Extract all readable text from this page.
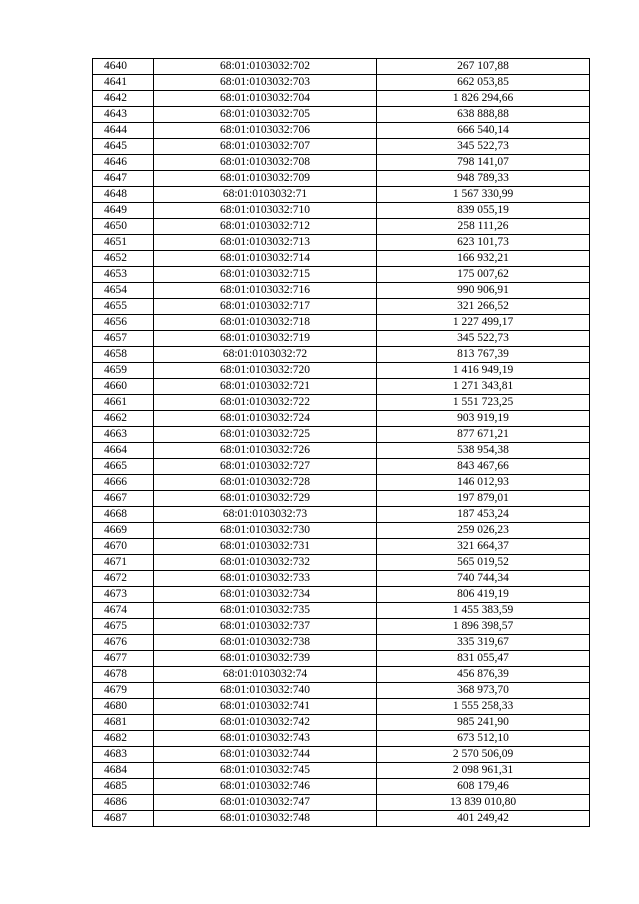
4640	68:01:0103032:702	267 107,88
4641	68:01:0103032:703	662 053,85
4642	68:01:0103032:704	1 826 294,66
4643	68:01:0103032:705	638 888,88
4644	68:01:0103032:706	666 540,14
4645	68:01:0103032:707	345 522,73
4646	68:01:0103032:708	798 141,07
4647	68:01:0103032:709	948 789,33
4648	68:01:0103032:71	1 567 330,99
4649	68:01:0103032:710	839 055,19
4650	68:01:0103032:712	258 111,26
4651	68:01:0103032:713	623 101,73
4652	68:01:0103032:714	166 932,21
4653	68:01:0103032:715	175 007,62
4654	68:01:0103032:716	990 906,91
4655	68:01:0103032:717	321 266,52
4656	68:01:0103032:718	1 227 499,17
4657	68:01:0103032:719	345 522,73
4658	68:01:0103032:72	813 767,39
4659	68:01:0103032:720	1 416 949,19
4660	68:01:0103032:721	1 271 343,81
4661	68:01:0103032:722	1 551 723,25
4662	68:01:0103032:724	903 919,19
4663	68:01:0103032:725	877 671,21
4664	68:01:0103032:726	538 954,38
4665	68:01:0103032:727	843 467,66
4666	68:01:0103032:728	146 012,93
4667	68:01:0103032:729	197 879,01
4668	68:01:0103032:73	187 453,24
4669	68:01:0103032:730	259 026,23
4670	68:01:0103032:731	321 664,37
4671	68:01:0103032:732	565 019,52
4672	68:01:0103032:733	740 744,34
4673	68:01:0103032:734	806 419,19
4674	68:01:0103032:735	1 455 383,59
4675	68:01:0103032:737	1 896 398,57
4676	68:01:0103032:738	335 319,67
4677	68:01:0103032:739	831 055,47
4678	68:01:0103032:74	456 876,39
4679	68:01:0103032:740	368 973,70
4680	68:01:0103032:741	1 555 258,33
4681	68:01:0103032:742	985 241,90
4682	68:01:0103032:743	673 512,10
4683	68:01:0103032:744	2 570 506,09
4684	68:01:0103032:745	2 098 961,31
4685	68:01:0103032:746	608 179,46
4686	68:01:0103032:747	13 839 010,80
4687	68:01:0103032:748	401 249,42
